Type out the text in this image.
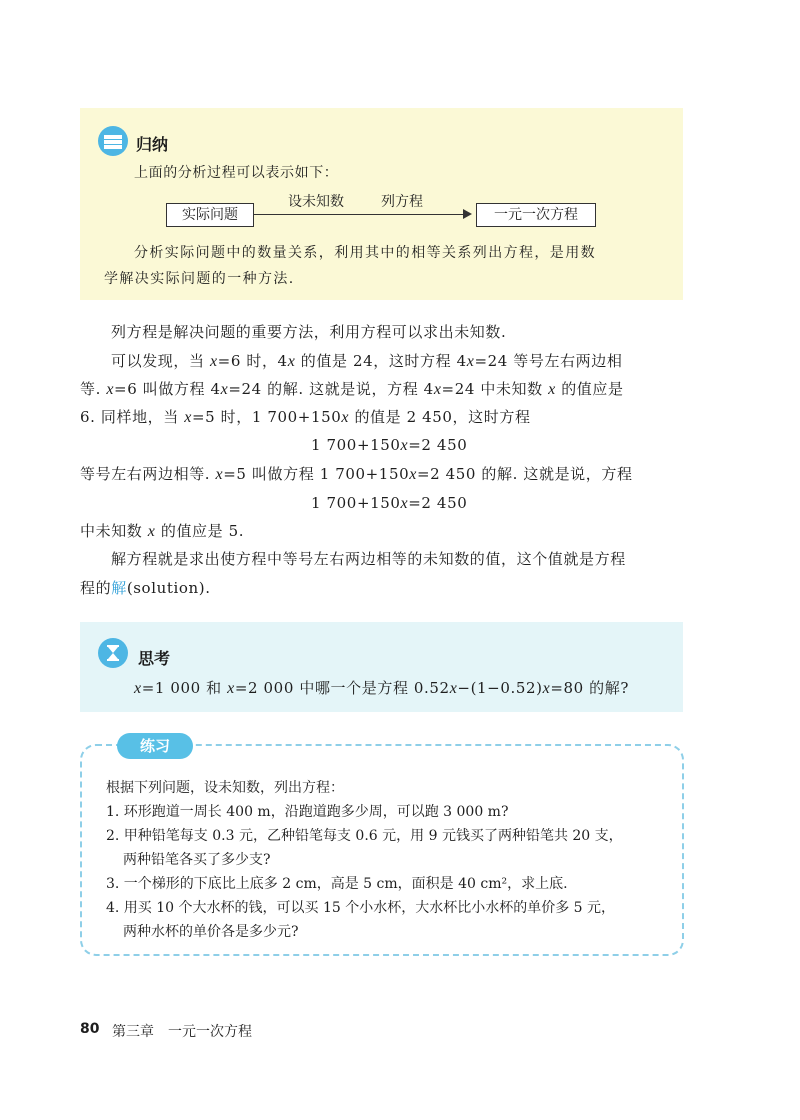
归纳
上面的分析过程可以表示如下：
实际问题
设未知数	列方程
一元一次方程
分析实际问题中的数量关系，利用其中的相等关系列出方程，是用数
学解决实际问题的一种方法.
列方程是解决问题的重要方法，利用方程可以求出未知数.
可以发现，当 x=6 时，4x 的值是 24，这时方程 4x=24 等号左右两边相
等. x=6 叫做方程 4x=24 的解. 这就是说，方程 4x=24 中未知数 x 的值应是
6. 同样地，当 x=5 时，1 700+150x 的值是 2 450，这时方程
1 700+150x=2 450
等号左右两边相等. x=5 叫做方程 1 700+150x=2 450 的解. 这就是说，方程
1 700+150x=2 450
中未知数 x 的值应是 5.
解方程就是求出使方程中等号左右两边相等的未知数的值，这个值就是方程
程的解(solution).
思考
x=1 000 和 x=2 000 中哪一个是方程 0.52x−(1−0.52)x=80 的解?
根据下列问题，设未知数，列出方程：
1. 环形跑道一周长 400 m，沿跑道跑多少周，可以跑 3 000 m?
2. 甲种铅笔每支 0.3 元，乙种铅笔每支 0.6 元，用 9 元钱买了两种铅笔共 20 支，
两种铅笔各买了多少支?
3. 一个梯形的下底比上底多 2 cm，高是 5 cm，面积是 40 cm²，求上底.
4. 用买 10 个大水杯的钱，可以买 15 个小水杯，大水杯比小水杯的单价多 5 元，
两种水杯的单价各是多少元?
练习
80 第三章　一元一次方程
